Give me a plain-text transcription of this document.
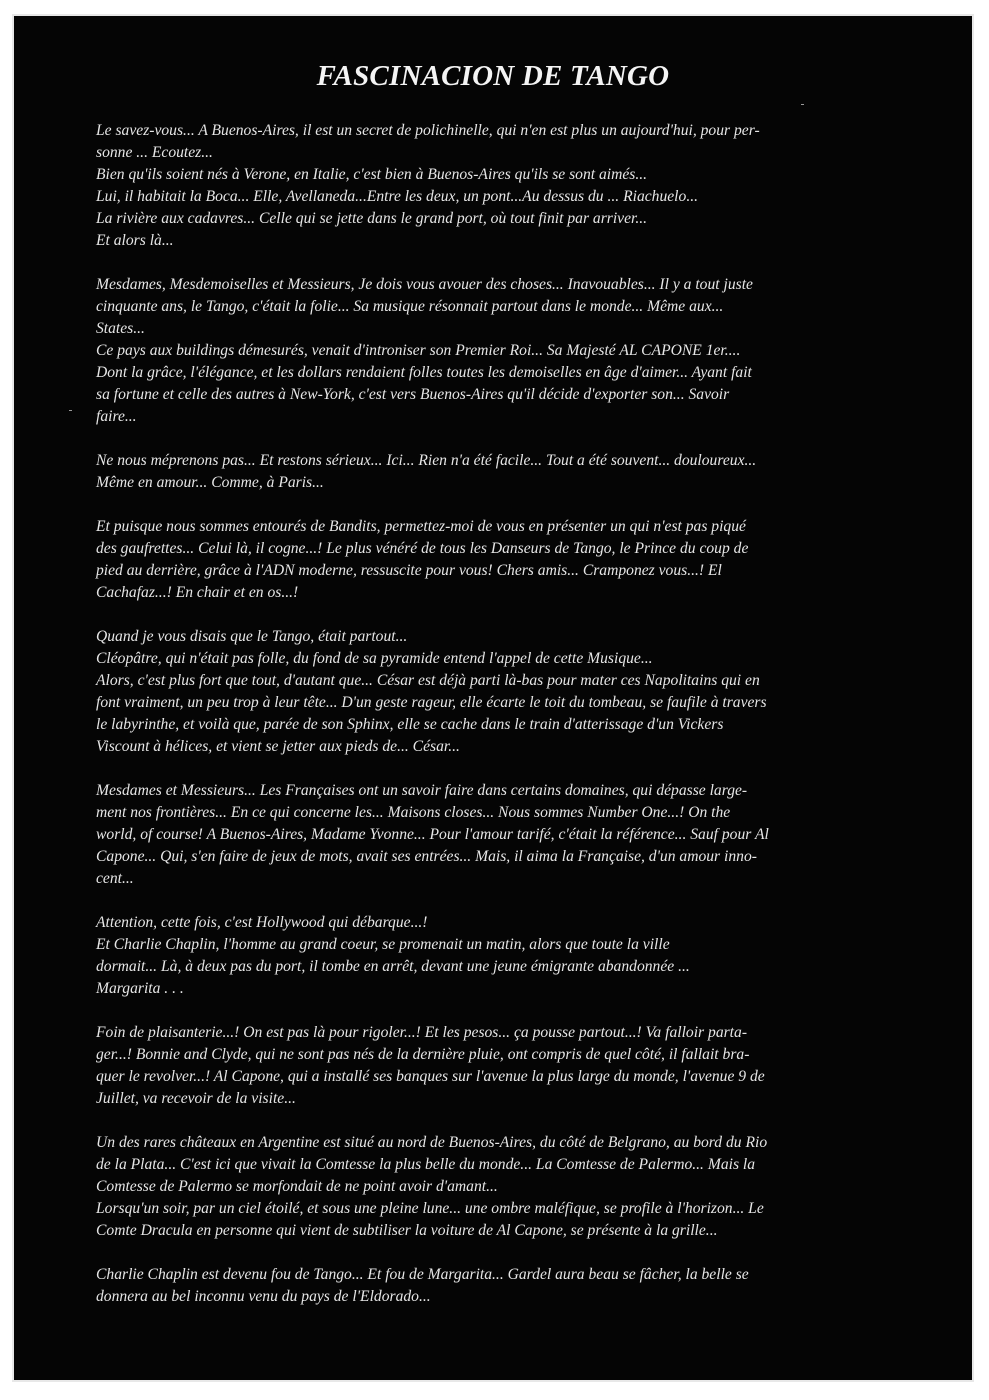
FASCINACION DE TANGO
Le savez-vous... A Buenos-Aires, il est un secret de polichinelle, qui n'en est plus un aujourd'hui, pour per-
sonne ... Ecoutez...
Bien qu'ils soient nés à Verone, en Italie, c'est bien à Buenos-Aires qu'ils se sont aimés...
Lui, il habitait la Boca... Elle, Avellaneda...Entre les deux, un pont...Au dessus du ... Riachuelo...
La rivière aux cadavres... Celle qui se jette dans le grand port, où tout finit par arriver...
Et alors là...
Mesdames, Mesdemoiselles et Messieurs, Je dois vous avouer des choses... Inavouables... Il y a tout juste
cinquante ans, le Tango, c'était la folie... Sa musique résonnait partout dans le monde... Même aux...
States...
Ce pays aux buildings démesurés, venait d'introniser son Premier Roi... Sa Majesté AL CAPONE 1er....
Dont la grâce, l'élégance, et les dollars rendaient folles toutes les demoiselles en âge d'aimer... Ayant fait
sa fortune et celle des autres à New-York, c'est vers Buenos-Aires qu'il décide d'exporter son... Savoir
faire...
Ne nous méprenons pas... Et restons sérieux... Ici... Rien n'a été facile... Tout a été souvent... douloureux...
Même en amour... Comme, à Paris...
Et puisque nous sommes entourés de Bandits, permettez-moi de vous en présenter un qui n'est pas piqué
des gaufrettes... Celui là, il cogne...! Le plus vénéré de tous les Danseurs de Tango, le Prince du coup de
pied au derrière, grâce à l'ADN moderne, ressuscite pour vous! Chers amis... Cramponez vous...! El
Cachafaz...! En chair et en os...!
Quand je vous disais que le Tango, était partout...
Cléopâtre, qui n'était pas folle, du fond de sa pyramide entend l'appel de cette Musique...
Alors, c'est plus fort que tout, d'autant que... César est déjà parti là-bas pour mater ces Napolitains qui en
font vraiment, un peu trop à leur tête... D'un geste rageur, elle écarte le toit du tombeau, se faufile à travers
le labyrinthe, et voilà que, parée de son Sphinx, elle se cache dans le train d'atterissage d'un Vickers
Viscount à hélices, et vient se jetter aux pieds de... César...
Mesdames et Messieurs... Les Françaises ont un savoir faire dans certains domaines, qui dépasse large-
ment nos frontières... En ce qui concerne les... Maisons closes... Nous sommes Number One...! On the
world, of course! A Buenos-Aires, Madame Yvonne... Pour l'amour tarifé, c'était la référence... Sauf pour Al
Capone... Qui, s'en faire de jeux de mots, avait ses entrées... Mais, il aima la Française, d'un amour inno-
cent...
Attention, cette fois, c'est Hollywood qui débarque...!
Et Charlie Chaplin, l'homme au grand coeur, se promenait un matin, alors que toute la ville
dormait... Là, à deux pas du port, il tombe en arrêt, devant une jeune émigrante abandonnée ...
Margarita . . .
Foin de plaisanterie...! On est pas là pour rigoler...! Et les pesos... ça pousse partout...! Va falloir parta-
ger...! Bonnie and Clyde, qui ne sont pas nés de la dernière pluie, ont compris de quel côté, il fallait bra-
quer le revolver...! Al Capone, qui a installé ses banques sur l'avenue la plus large du monde, l'avenue 9 de
Juillet, va recevoir de la visite...
Un des rares châteaux en Argentine est situé au nord de Buenos-Aires, du côté de Belgrano, au bord du Rio
de la Plata... C'est ici que vivait la Comtesse la plus belle du monde... La Comtesse de Palermo... Mais la
Comtesse de Palermo se morfondait de ne point avoir d'amant...
Lorsqu'un soir, par un ciel étoilé, et sous une pleine lune... une ombre maléfique, se profile à l'horizon... Le
Comte Dracula en personne qui vient de subtiliser la voiture de Al Capone, se présente à la grille...
Charlie Chaplin est devenu fou de Tango... Et fou de Margarita... Gardel aura beau se fâcher, la belle se
donnera au bel inconnu venu du pays de l'Eldorado...
